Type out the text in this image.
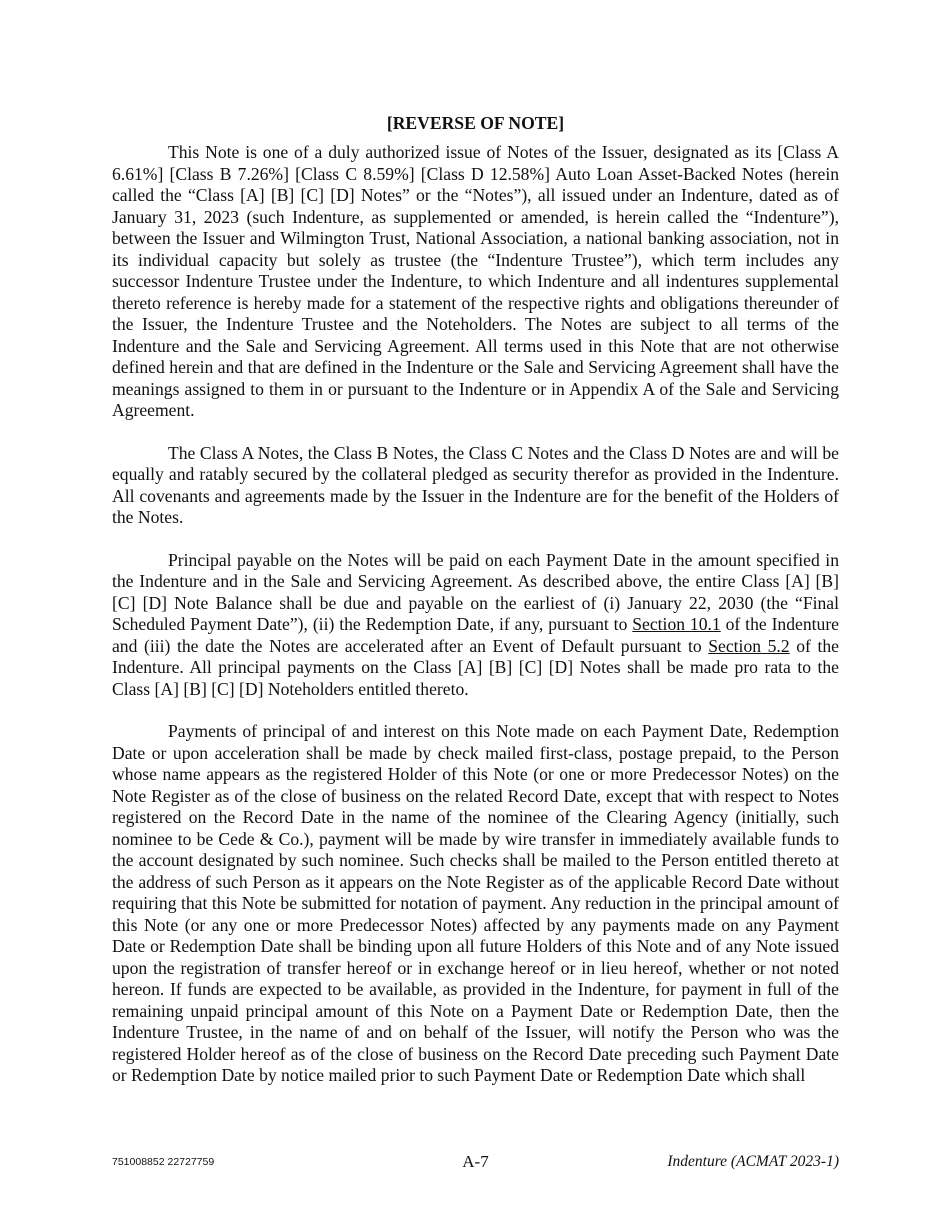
[REVERSE OF NOTE]

This Note is one of a duly authorized issue of Notes of the Issuer, designated as its [Class A 6.61%] [Class B 7.26%] [Class C 8.59%] [Class D 12.58%] Auto Loan Asset-Backed Notes (herein called the “Class [A] [B] [C] [D] Notes” or the “Notes”), all issued under an Indenture, dated as of January 31, 2023 (such Indenture, as supplemented or amended, is herein called the “Indenture”), between the Issuer and Wilmington Trust, National Association, a national banking association, not in its individual capacity but solely as trustee (the “Indenture Trustee”), which term includes any successor Indenture Trustee under the Indenture, to which Indenture and all indentures supplemental thereto reference is hereby made for a statement of the respective rights and obligations thereunder of the Issuer, the Indenture Trustee and the Noteholders. The Notes are subject to all terms of the Indenture and the Sale and Servicing Agreement. All terms used in this Note that are not otherwise defined herein and that are defined in the Indenture or the Sale and Servicing Agreement shall have the meanings assigned to them in or pursuant to the Indenture or in Appendix A of the Sale and Servicing Agreement.

The Class A Notes, the Class B Notes, the Class C Notes and the Class D Notes are and will be equally and ratably secured by the collateral pledged as security therefor as provided in the Indenture. All covenants and agreements made by the Issuer in the Indenture are for the benefit of the Holders of the Notes.

Principal payable on the Notes will be paid on each Payment Date in the amount specified in the Indenture and in the Sale and Servicing Agreement. As described above, the entire Class [A] [B] [C] [D] Note Balance shall be due and payable on the earliest of (i) January 22, 2030 (the “Final Scheduled Payment Date”), (ii) the Redemption Date, if any, pursuant to Section 10.1 of the Indenture and (iii) the date the Notes are accelerated after an Event of Default pursuant to Section 5.2 of the Indenture. All principal payments on the Class [A] [B] [C] [D] Notes shall be made pro rata to the Class [A] [B] [C] [D] Noteholders entitled thereto.

Payments of principal of and interest on this Note made on each Payment Date, Redemption Date or upon acceleration shall be made by check mailed first-class, postage prepaid, to the Person whose name appears as the registered Holder of this Note (or one or more Predecessor Notes) on the Note Register as of the close of business on the related Record Date, except that with respect to Notes registered on the Record Date in the name of the nominee of the Clearing Agency (initially, such nominee to be Cede & Co.), payment will be made by wire transfer in immediately available funds to the account designated by such nominee. Such checks shall be mailed to the Person entitled thereto at the address of such Person as it appears on the Note Register as of the applicable Record Date without requiring that this Note be submitted for notation of payment. Any reduction in the principal amount of this Note (or any one or more Predecessor Notes) affected by any payments made on any Payment Date or Redemption Date shall be binding upon all future Holders of this Note and of any Note issued upon the registration of transfer hereof or in exchange hereof or in lieu hereof, whether or not noted hereon. If funds are expected to be available, as provided in the Indenture, for payment in full of the remaining unpaid principal amount of this Note on a Payment Date or Redemption Date, then the Indenture Trustee, in the name of and on behalf of the Issuer, will notify the Person who was the registered Holder hereof as of the close of business on the Record Date preceding such Payment Date or Redemption Date by notice mailed prior to such Payment Date or Redemption Date which shall

751008852 22727759	A-7	Indenture (ACMAT 2023-1)
